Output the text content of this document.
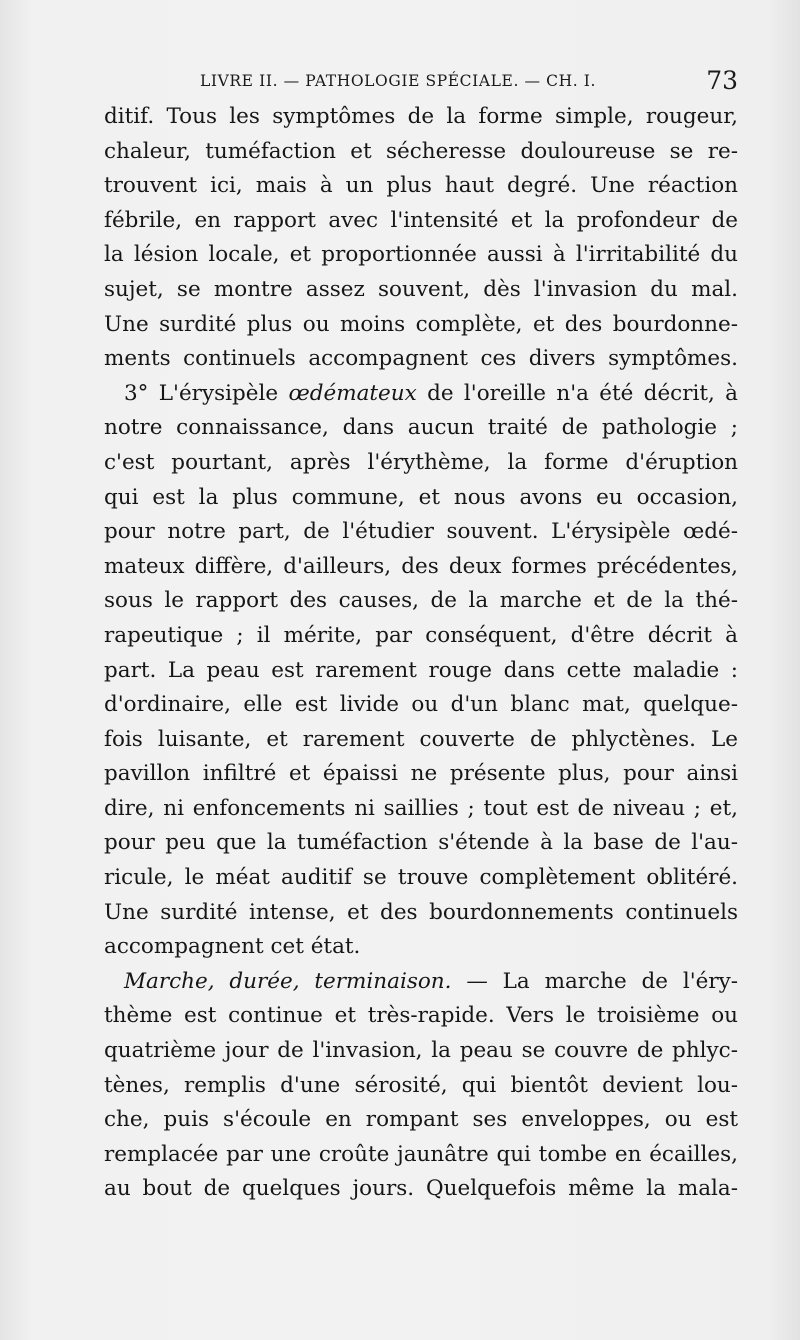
LIVRE II. — PATHOLOGIE SPÉCIALE. — CH. I.	73
ditif. Tous les symptômes de la forme simple, rougeur,
chaleur, tuméfaction et sécheresse douloureuse se re-
trouvent ici, mais à un plus haut degré. Une réaction
fébrile, en rapport avec l'intensité et la profondeur de
la lésion locale, et proportionnée aussi à l'irritabilité du
sujet, se montre assez souvent, dès l'invasion du mal.
Une surdité plus ou moins complète, et des bourdonne-
ments continuels accompagnent ces divers symptômes.
3° L'érysipèle œdémateux de l'oreille n'a été décrit, à
notre connaissance, dans aucun traité de pathologie ;
c'est pourtant, après l'érythème, la forme d'éruption
qui est la plus commune, et nous avons eu occasion,
pour notre part, de l'étudier souvent. L'érysipèle œdé-
mateux diffère, d'ailleurs, des deux formes précédentes,
sous le rapport des causes, de la marche et de la thé-
rapeutique ; il mérite, par conséquent, d'être décrit à
part. La peau est rarement rouge dans cette maladie :
d'ordinaire, elle est livide ou d'un blanc mat, quelque-
fois luisante, et rarement couverte de phlyctènes. Le
pavillon infiltré et épaissi ne présente plus, pour ainsi
dire, ni enfoncements ni saillies ; tout est de niveau ; et,
pour peu que la tuméfaction s'étende à la base de l'au-
ricule, le méat auditif se trouve complètement oblitéré.
Une surdité intense, et des bourdonnements continuels
accompagnent cet état.
Marche, durée, terminaison. — La marche de l'éry-
thème est continue et très-rapide. Vers le troisième ou
quatrième jour de l'invasion, la peau se couvre de phlyc-
tènes, remplis d'une sérosité, qui bientôt devient lou-
che, puis s'écoule en rompant ses enveloppes, ou est
remplacée par une croûte jaunâtre qui tombe en écailles,
au bout de quelques jours. Quelquefois même la mala-
